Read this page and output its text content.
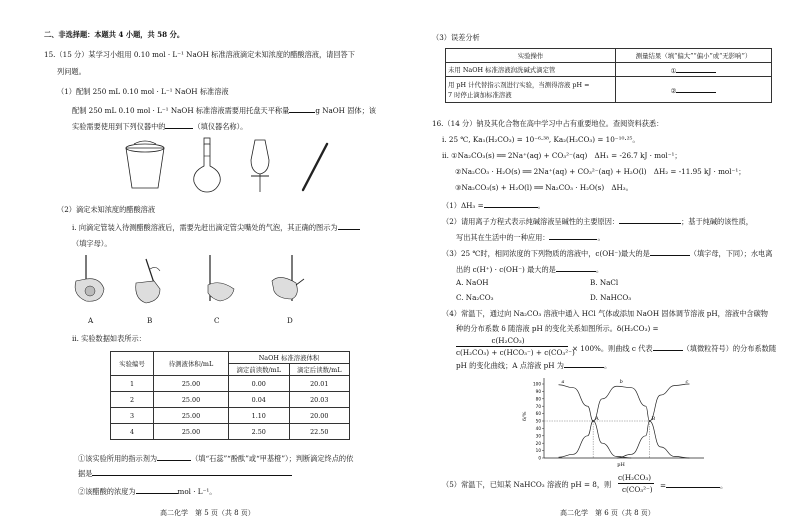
二、非选择题：本题共 4 小题，共 58 分。
15.（15 分）某学习小组用 0.10 mol · L⁻¹ NaOH 标准溶液滴定未知浓度的醋酸溶液，请回答下
列问题。
（1）配制 250 mL 0.10 mol · L⁻¹ NaOH 标准溶液
配制 250 mL 0.10 mol · L⁻¹ NaOH 标准溶液需要用托盘天平称量	g NaOH 固体；该
实验需要使用到下列仪器中的	（填仪器名称）。
（2）滴定未知浓度的醋酸溶液
i. 向滴定管装入待测醋酸溶液后，需要先赶出滴定管尖嘴处的气泡，其正确的图示为
（填字母）。
A	B	C	D
ii. 实验数据如表所示：
实验编号	待测液体积/mL	NaOH 标准溶液体积	
		滴定前读数/mL	滴定后读数/mL
1	25.00	0.00	20.01
2	25.00	0.04	20.03
3	25.00	1.10	20.00
4	25.00	2.50	22.50
①该实验所用的指示剂为	（填“石蕊”“酚酞”或“甲基橙”）；判断滴定终点的依
据是
②该醋酸的浓度为	mol · L⁻¹。
高二化学　第 5 页（共 8 页）
（3）误差分析
实验操作	测量结果（填“偏大”“偏小”或“无影响”）
未用 NaOH 标准溶液润洗碱式滴定管	①

用 pH 计代替指示剂进行实验，当测得溶液 pH =
7 时停止滴加标准溶液	②
16.（14 分）钠及其化合物在高中学习中占有重要地位。查阅资料获悉：
i. 25 ℃, Ka₁(H₂CO₃) = 10⁻⁶·³⁸, Ka₂(H₂CO₃) = 10⁻¹⁰·²⁵。
ii. ①Na₂CO₃(s) ══ 2Na⁺(aq) + CO₃²⁻(aq)　ΔH₁ = -26.7 kJ · mol⁻¹；
②Na₂CO₃ · H₂O(s) ══ 2Na⁺(aq) + CO₃²⁻(aq) + H₂O(l)　ΔH₂ = -11.95 kJ · mol⁻¹；
③Na₂CO₃(s) + H₂O(l) ══ Na₂CO₃ · H₂O(s)　ΔH₃。
（1）ΔH₃ =	。
（2）请用离子方程式表示纯碱溶液呈碱性的主要原因：	；基于纯碱的该性质，
写出其在生活中的一种应用：	。
（3）25 ℃时，相同浓度的下列物质的溶液中，c(OH⁻)最大的是	（填字母，下同）；水电离
出的 c(H⁺) · c(OH⁻) 最大的是	。
A. NaOH	B. NaCl
C. Na₂CO₃	D. NaHCO₃
（4）常温下，通过向 Na₂CO₃ 溶液中通入 HCl 气体或添加 NaOH 固体调节溶液 pH，溶液中含碳物
种的分布系数 δ 随溶液 pH 的变化关系如图所示。δ(H₂CO₃) =
c(H₂CO₃)
c(H₂CO₃) + c(HCO₃⁻) + c(CO₃²⁻)
× 100%。则曲线 c 代表	（填微粒符号）的分布系数随
pH 的变化曲线；A 点溶液 pH 为	。
0
10
20
30
40
50
60
70
80
90
100
δ/%
pH
a	b	c
A	B
（5）常温下，已知某 NaHCO₃ 溶液的 pH = 8，则
c(H₂CO₃)
c(CO₃²⁻) =	。
高二化学　第 6 页（共 8 页）
